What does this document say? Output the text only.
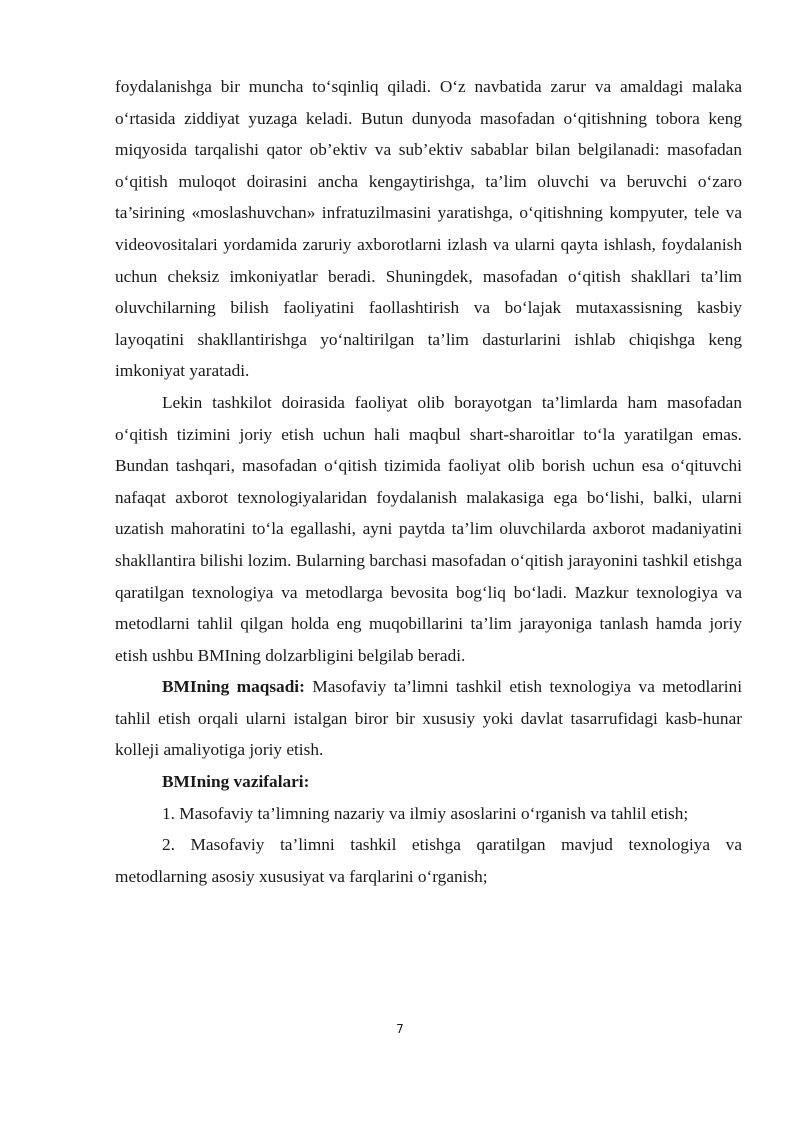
foydalanishga bir muncha to‘sqinliq qiladi. O‘z navbatida zarur va amaldagi malaka o‘rtasida ziddiyat yuzaga keladi. Butun dunyoda masofadan o‘qitishning tobora keng miqyosida tarqalishi qator ob’ektiv va sub’ektiv sabablar bilan belgilanadi: masofadan o‘qitish muloqot doirasini ancha kengaytirishga, ta’lim oluvchi va beruvchi o‘zaro ta’sirining «moslashuvchan» infratuzilmasini yaratishga, o‘qitishning kompyuter, tele va videovositalari yordamida zaruriy axborotlarni izlash va ularni qayta ishlash, foydalanish uchun cheksiz imkoniyatlar beradi. Shuningdek, masofadan o‘qitish shakllari ta’lim oluvchilarning bilish faoliyatini faollashtirish va bo‘lajak mutaxassisning kasbiy layoqatini shakllantirishga yo‘naltirilgan ta’lim dasturlarini ishlab chiqishga keng imkoniyat yaratadi.

Lekin tashkilot doirasida faoliyat olib borayotgan ta’limlarda ham masofadan o‘qitish tizimini joriy etish uchun hali maqbul shart-sharoitlar to‘la yaratilgan emas. Bundan tashqari, masofadan o‘qitish tizimida faoliyat olib borish uchun esa o‘qituvchi nafaqat axborot texnologiyalaridan foydalanish malakasiga ega bo‘lishi, balki, ularni uzatish mahoratini to‘la egallashi, ayni paytda ta’lim oluvchilarda axborot madaniyatini shakllantira bilishi lozim. Bularning barchasi masofadan o‘qitish jarayonini tashkil etishga qaratilgan texnologiya va metodlarga bevosita bog‘liq bo‘ladi. Mazkur texnologiya va metodlarni tahlil qilgan holda eng muqobillarini ta’lim jarayoniga tanlash hamda joriy etish ushbu BMIning dolzarbligini belgilab beradi.

BMIning maqsadi: Masofaviy ta’limni tashkil etish texnologiya va metodlarini tahlil etish orqali ularni istalgan biror bir xususiy yoki davlat tasarrufidagi kasb-hunar kolleji amaliyotiga joriy etish.

BMIning vazifalari:

1. Masofaviy ta’limning nazariy va ilmiy asoslarini o‘rganish va tahlil etish;

2. Masofaviy ta’limni tashkil etishga qaratilgan mavjud texnologiya va metodlarning asosiy xususiyat va farqlarini o‘rganish;

7
